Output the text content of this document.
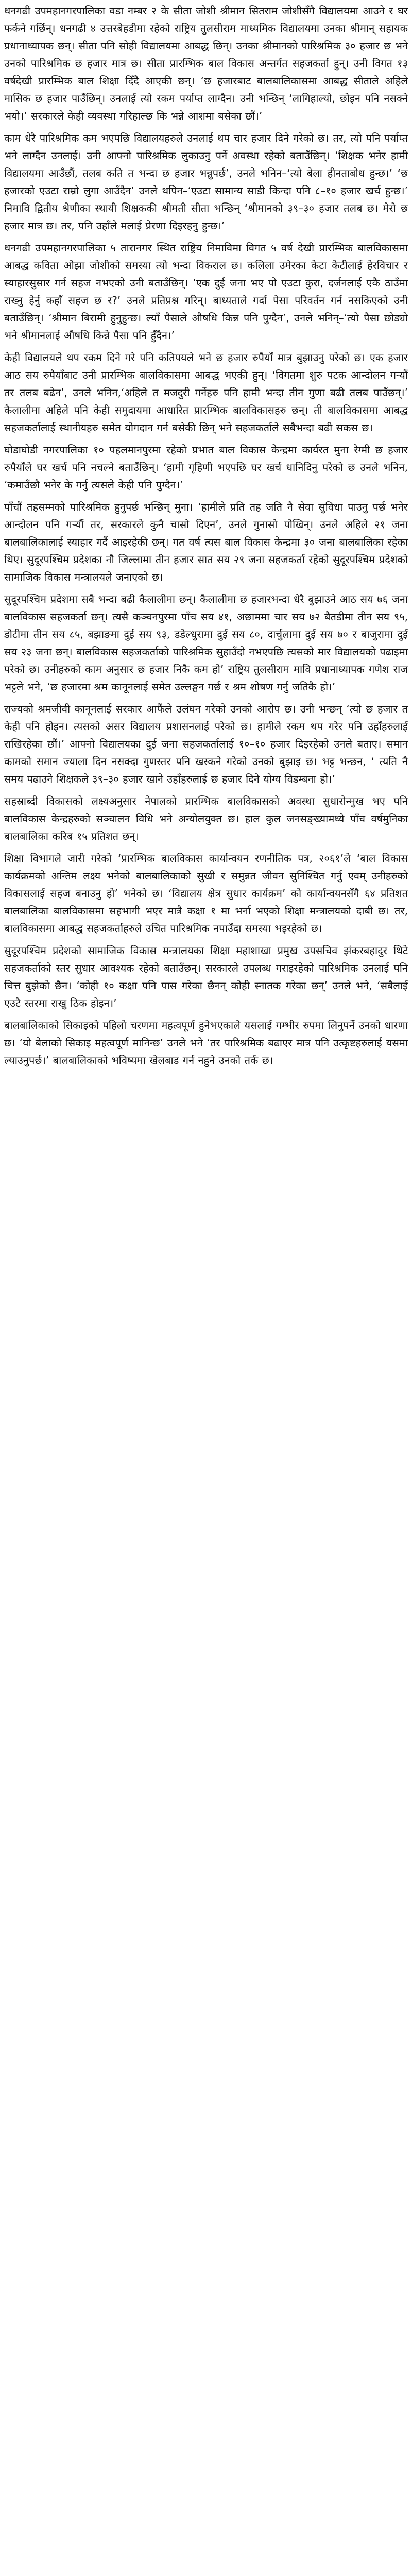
धनगढी उपमहानगरपालिका वडा नम्बर २ के सीता जोशी श्रीमान सितराम जोशीसँगै विद्यालयमा आउने र घर फर्कने गर्छिन्। धनगढी ४ उत्तरबेहडीमा रहेको राष्ट्रिय तुलसीराम माध्यमिक विद्यालयमा उनका श्रीमान् सहायक प्रधानाध्यापक छन्। सीता पनि सोही विद्यालयमा आबद्ध छिन्। उनका श्रीमानको पारिश्रमिक ३० हजार छ भने उनको पारिश्रमिक छ हजार मात्र छ। सीता प्रारम्भिक बाल विकास अन्तर्गत सहजकर्ता हुन्। उनी विगत १३ वर्षदेखी प्रारम्भिक बाल शिक्षा दिँदै आएकी छन्। ‘छ हजारबाट बालबालिकासमा आबद्ध सीताले अहिले मासिक छ हजार पाउँछिन्। उनलाई त्यो रकम पर्याप्त लाग्दैन। उनी भन्छिन् ‘लागिहाल्यो, छोइन पनि नसक्ने भयो।’ सरकारले केही व्यवस्था गरिहाल्छ कि भन्ने आशमा बसेका छौं।’

काम धेरै पारिश्रमिक कम भएपछि विद्यालयहरुले उनलाई थप चार हजार दिने गरेको छ। तर, त्यो पनि पर्याप्त भने लाग्दैन उनलाई। उनी आफ्नो पारिश्रमिक लुकाउनु पर्ने अवस्था रहेको बताउँछिन्। ‘शिक्षक भनेर हामी विद्यालयमा आउँछौं, तलब कति त भन्दा छ हजार भन्नुपर्छ’, उनले भनिन–‘त्यो बेला हीनताबोध हुन्छ।’ ‘छ हजारको एउटा राम्रो लुगा आउँदैन’ उनले थपिन–‘एउटा सामान्य साडी किन्दा पनि ८–१० हजार खर्च हुन्छ।’ निमावि द्वितीय श्रेणीका स्थायी शिक्षककी श्रीमती सीता भन्छिन् ‘श्रीमानको ३९–३० हजार तलब छ। मेरो छ हजार मात्र छ। तर, पनि उहाँले मलाई प्रेरणा दिइरहनु हुन्छ।’

धनगढी उपमहानगरपालिका ५ तारानगर स्थित राष्ट्रिय निमाविमा विगत ५ वर्ष देखी प्रारम्भिक बालविकासमा आबद्ध कविता ओझा जोशीको समस्या त्यो भन्दा विकराल छ। कलिला उमेरका केटा केटीलाई हेरविचार र स्याहारसुसार गर्न सहज नभएको उनी बताउँछिन्। ‘एक दुई जना भए पो एउटा कुरा, दर्जनलाई एकै ठाउँमा राख्नु हेर्नु कहाँ सहज छ र?’ उनले प्रतिप्रश्न गरिन्। बाध्यताले गर्दा पेसा परिवर्तन गर्न नसकिएको उनी बताउँछिन्। ‘श्रीमान बिरामी हुनुहुन्छ। ल्याँ पैसाले औषधि किन्न पनि पुग्दैन’, उनले भनिन्–‘त्यो पैसा छोड्यो भने श्रीमानलाई औषधि किन्ने पैसा पनि हुँदैन।’

केही विद्यालयले थप रकम दिने गरे पनि कतिपयले भने छ हजार रुपैयाँ मात्र बुझाउनु परेको छ। एक हजार आठ सय रुपैयाँबाट उनी प्रारम्भिक बालविकासमा आबद्ध भएकी हुन्। ‘विगतमा शुरु पटक आन्दोलन गर्‍यौं तर तलब बढेन’, उनले भनिन,‘अहिले त मजदुरी गर्नेहरु पनि हामी भन्दा तीन गुणा बढी तलब पाउँछन्।’ कैलालीमा अहिले पनि केही समुदायमा आधारित प्रारम्भिक बालविकासहरु छन्। ती बालविकासमा आबद्ध सहजकर्तालाई स्थानीयहरु समेत योगदान गर्न बसेकी छिन् भने सहजकर्ताले सबैभन्दा बढी सकस छ।

घोडाघोडी नगरपालिका १० पहलमानपुरमा रहेको प्रभात बाल विकास केन्द्रमा कार्यरत मुना रेग्मी छ हजार रुपैयाँले घर खर्च पनि नचल्ने बताउँछिन्। ‘हामी गृहिणी भएपछि घर खर्च धानिदिनु परेको छ उनले भनिन, ‘कमाउँछौ भनेर के गर्नु त्यसले केही पनि पुग्दैन।’

पाँचौं तहसम्मको पारिश्रमिक हुनुपर्छ भन्छिन् मुना। ‘हामीले प्रति तह जति नै सेवा सुविधा पाउनु पर्छ भनेर आन्दोलन पनि गर्‍यौं तर, सरकारले कुनै चासो दिएन’, उनले गुनासो पोखिन्। उनले अहिले २१ जना बालबालिकालाई स्याहार गर्दै आइरहेकी छन्। गत वर्ष त्यस बाल विकास केन्द्रमा ३० जना बालबालिका रहेका थिए। सुदूरपश्चिम प्रदेशका नौ जिल्लामा तीन हजार सात सय २९ जना सहजकर्ता रहेको सुदूरपश्चिम प्रदेशको सामाजिक विकास मन्त्रालयले जनाएको छ।

सुदूरपश्चिम प्रदेशमा सबै भन्दा बढी कैलालीमा छन्। कैलालीमा छ हजारभन्दा धेरै बुझाउने आठ सय ७६ जना बालविकास सहजकर्ता छन्। त्यसै कञ्चनपुरमा पाँच सय ४१, अछाममा चार सय ७२ बैतडीमा तीन सय ९५, डोटीमा तीन सय ८५, बझाङमा दुई सय ९३, डडेल्धुरामा दुई सय ८०, दार्चुलामा दुई सय ७० र बाजुरामा दुई सय २३ जना छन्। बालविकास सहजकर्ताको पारिश्रमिक सुहाउँदो नभएपछि त्यसको मार विद्यालयको पढाइमा परेको छ। उनीहरुको काम अनुसार छ हजार निकै कम हो’ राष्ट्रिय तुलसीराम मावि प्रधानाध्यापक गणेश राज भट्टले भने, ‘छ हजारमा श्रम कानूनलाई समेत उल्लङ्घन गर्छ र श्रम शोषण गर्नु जतिकै हो।’

राज्यको श्रमजीवी कानूनलाई सरकार आफैंले उलंघन गरेको उनको आरोप छ। उनी भन्छन् ‘त्यो छ हजार त केही पनि होइन। त्यसको असर विद्यालय प्रशासनलाई परेको छ। हामीले रकम थप गरेर पनि उहाँहरुलाई राखिरहेका छौं।’ आफ्नो विद्यालयका दुई जना सहजकर्तालाई १०–१० हजार दिइरहेको उनले बताए। समान कामको समान ज्याला दिन नसक्दा गुणस्तर पनि खस्कने गरेको उनको बुझाइ छ। भट्ट भन्छन, ‘ त्यति नै समय पढाउने शिक्षकले ३९–३० हजार खाने उहाँहरुलाई छ हजार दिने योग्य विडम्बना हो।’

सहस्राब्दी विकासको लक्ष्यअनुसार नेपालको प्रारम्भिक बालविकासको अवस्था सुधारोन्मुख भए पनि बालविकास केन्द्रहरुको सञ्चालन विधि भने अन्योलयुक्त छ। हाल कुल जनसङ्ख्यामध्ये पाँच वर्षमुनिका बालबालिका करिब १५ प्रतिशत छन्।

शिक्षा विभागले जारी गरेको ‘प्रारम्भिक बालविकास कार्यान्वयन रणनीतिक पत्र, २०६१’ले ‘बाल विकास कार्यक्रमको अन्तिम लक्ष्य भनेको बालबालिकाको सुखी र समुन्नत जीवन सुनिश्चित गर्नु एवम् उनीहरुको विकासलाई सहज बनाउनु हो’ भनेको छ। ‘विद्यालय क्षेत्र सुधार कार्यक्रम’ को कार्यान्वयनसँगै ६४ प्रतिशत बालबालिका बालविकासमा सहभागी भएर मात्रै कक्षा १ मा भर्ना भएको शिक्षा मन्त्रालयको दाबी छ। तर, बालविकासमा आबद्ध सहजकर्ताहरुले उचित पारिश्रमिक नपाउँदा समस्या भइरहेको छ।

सुदूरपश्चिम प्रदेशको सामाजिक विकास मन्त्रालयका शिक्षा महाशाखा प्रमुख उपसचिव झंकरबहादुर थिटे सहजकर्ताको स्तर सुधार आवश्यक रहेको बताउँछन्। सरकारले उपलब्ध गराइरहेको पारिश्रमिक उनलाई पनि चित्त बुझेको छैन। ‘कोही १० कक्षा पनि पास गरेका छैनन् कोही स्नातक गरेका छन्’ उनले भने, ‘सबैलाई एउटै स्तरमा राखु ठिक होइन।’

बालबालिकाको सिकाइको पहिलो चरणमा महत्वपूर्ण हुनेभएकाले यसलाई गम्भीर रुपमा लिनुपर्ने उनको धारणा छ। ‘यो बेलाको सिकाइ महत्वपूर्ण मानिन्छ’ उनले भने ‘तर पारिश्रमिक बढाएर मात्र पनि उत्कृष्टहरुलाई यसमा ल्याउनुपर्छ।’ बालबालिकाको भविष्यमा खेलबाड गर्न नहुने उनको तर्क छ।
